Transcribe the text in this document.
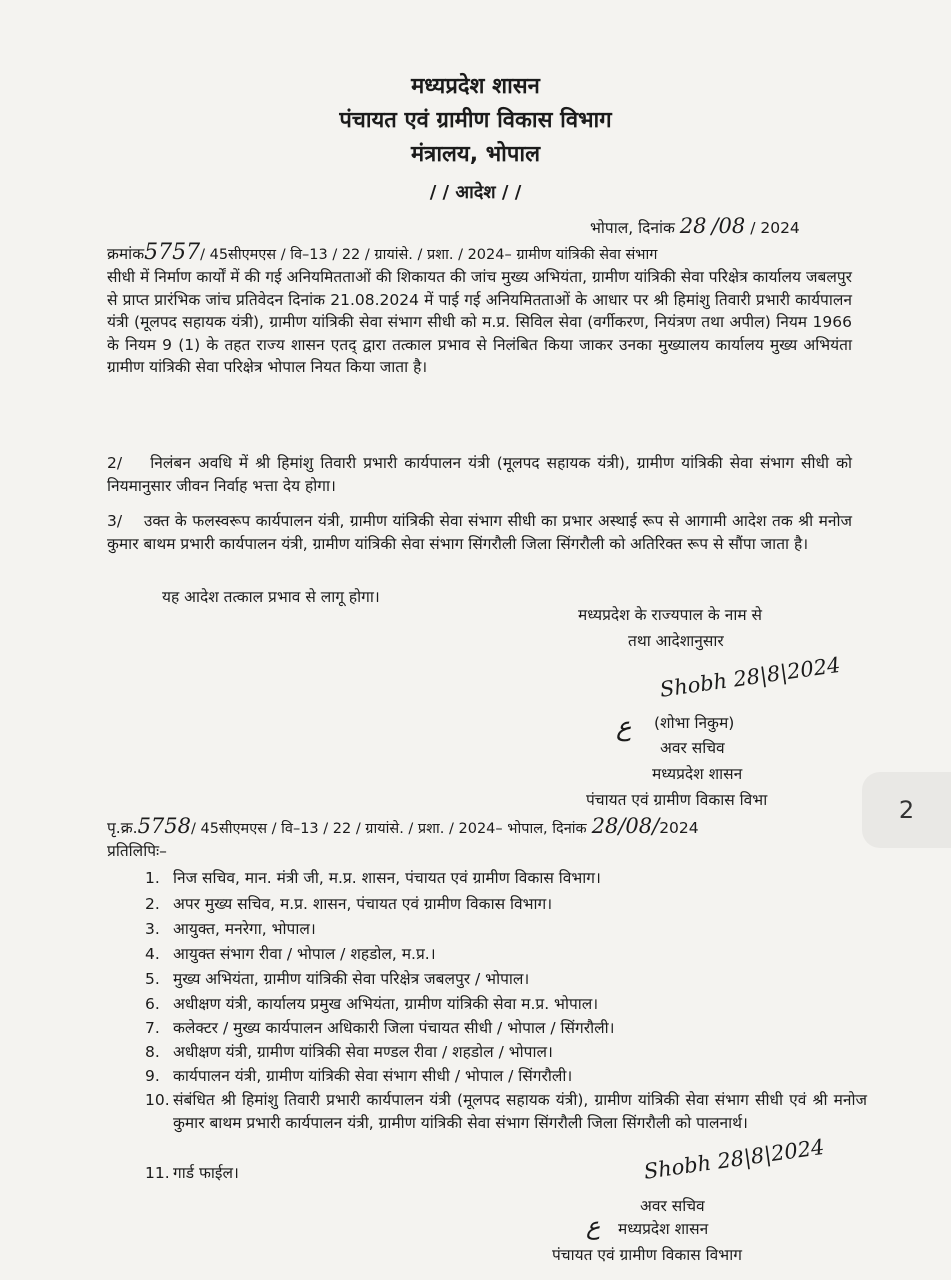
मध्यप्रदेश शासन
पंचायत एवं ग्रामीण विकास विभाग
मंत्रालय, भोपाल
/ / आदेश / /
भोपाल, दिनांक 28 /08 / 2024
क्रमांक5757/ 45सीएमएस / वि–13 / 22 / ग्रायांसे. / प्रशा. / 2024– ग्रामीण यांत्रिकी सेवा संभाग
सीधी में निर्माण कार्यों में की गई अनियमितताओं की शिकायत की जांच मुख्य अभियंता, ग्रामीण यांत्रिकी सेवा परिक्षेत्र कार्यालय जबलपुर से प्राप्त प्रारंभिक जांच प्रतिवेदन दिनांक 21.08.2024 में पाई गई अनियमितताओं के आधार पर श्री हिमांशु तिवारी प्रभारी कार्यपालन यंत्री (मूलपद सहायक यंत्री), ग्रामीण यांत्रिकी सेवा संभाग सीधी को म.प्र. सिविल सेवा (वर्गीकरण, नियंत्रण तथा अपील) नियम 1966 के नियम 9 (1) के तहत राज्य शासन एतद् द्वारा तत्काल प्रभाव से निलंबित किया जाकर उनका मुख्यालय कार्यालय मुख्य अभियंता ग्रामीण यांत्रिकी सेवा परिक्षेत्र भोपाल नियत किया जाता है।
2/ निलंबन अवधि में श्री हिमांशु तिवारी प्रभारी कार्यपालन यंत्री (मूलपद सहायक यंत्री), ग्रामीण यांत्रिकी सेवा संभाग सीधी को नियमानुसार जीवन निर्वाह भत्ता देय होगा।
3/ उक्त के फलस्वरूप कार्यपालन यंत्री, ग्रामीण यांत्रिकी सेवा संभाग सीधी का प्रभार अस्थाई रूप से आगामी आदेश तक श्री मनोज कुमार बाथम प्रभारी कार्यपालन यंत्री, ग्रामीण यांत्रिकी सेवा संभाग सिंगरौली जिला सिंगरौली को अतिरिक्त रूप से सौंपा जाता है।
यह आदेश तत्काल प्रभाव से लागू होगा।
मध्यप्रदेश के राज्यपाल के नाम से
तथा आदेशानुसार
Shobh 28|8|2024
ع (शोभा निकुम)
अवर सचिव
मध्यप्रदेश शासन
पंचायत एवं ग्रामीण विकास विभा	2
पृ.क्र.5758/ 45सीएमएस / वि–13 / 22 / ग्रायांसे. / प्रशा. / 2024– भोपाल, दिनांक 28/08/2024
प्रतिलिपिः–
1. निज सचिव, मान. मंत्री जी, म.प्र. शासन, पंचायत एवं ग्रामीण विकास विभाग।
2. अपर मुख्य सचिव, म.प्र. शासन, पंचायत एवं ग्रामीण विकास विभाग।
3. आयुक्त, मनरेगा, भोपाल।
4. आयुक्त संभाग रीवा / भोपाल / शहडोल, म.प्र.।
5. मुख्य अभियंता, ग्रामीण यांत्रिकी सेवा परिक्षेत्र जबलपुर / भोपाल।
6. अधीक्षण यंत्री, कार्यालय प्रमुख अभियंता, ग्रामीण यांत्रिकी सेवा म.प्र. भोपाल।
7. कलेक्टर / मुख्य कार्यपालन अधिकारी जिला पंचायत सीधी / भोपाल / सिंगरौली।
8. अधीक्षण यंत्री, ग्रामीण यांत्रिकी सेवा मण्डल रीवा / शहडोल / भोपाल।
9. कार्यपालन यंत्री, ग्रामीण यांत्रिकी सेवा संभाग सीधी / भोपाल / सिंगरौली।
10. संबंधित श्री हिमांशु तिवारी प्रभारी कार्यपालन यंत्री (मूलपद सहायक यंत्री), ग्रामीण यांत्रिकी सेवा संभाग सीधी एवं श्री मनोज कुमार बाथम प्रभारी कार्यपालन यंत्री, ग्रामीण यांत्रिकी सेवा संभाग सिंगरौली जिला सिंगरौली को पालनार्थ।
11. गार्ड फाईल।	Shobh 28|8|2024
अवर सचिव
ع मध्यप्रदेश शासन
पंचायत एवं ग्रामीण विकास विभाग
